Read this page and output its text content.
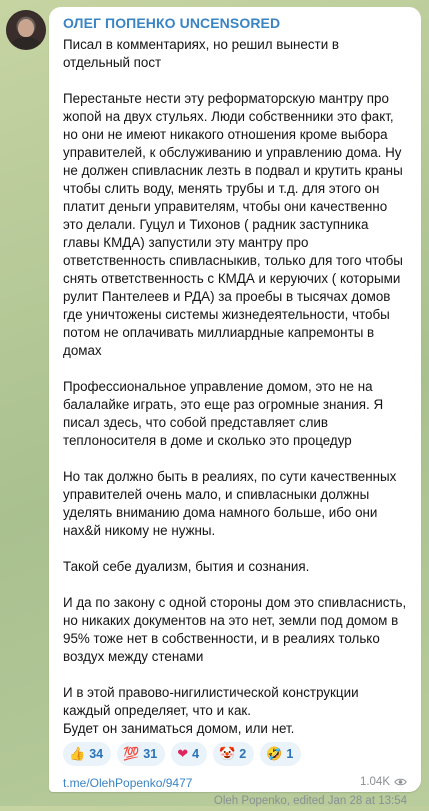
ОЛЕГ ПОПЕНКО UNCENSORED

Писал в комментариях, но решил вынести в отдельный пост

Перестаньте нести эту реформаторскую мантру про жопой на двух стульях. Люди собственники это факт, но они не имеют никакого отношения кроме выбора управителей, к обслуживанию и управлению дома. Ну не должен спивласник лезть в подвал и крутить краны чтобы слить воду, менять трубы и т.д. для этого он платит деньги управителям, чтобы они качественно это делали. Гуцул и Тихонов ( радник заступника главы КМДА) запустили эту мантру про ответственность спивласныкив, только для того чтобы снять ответственность с КМДА и керуючих ( которыми рулит Пантелеев и РДА) за проебы в тысячах домов где уничтожены системы жизнедеятельности, чтобы потом не оплачивать миллиардные капремонты в домах

Профессиональное управление домом, это не на балалайке играть, это еще раз огромные знания. Я писал здесь, что собой представляет слив теплоносителя в доме и сколько это процедур

Но так должно быть в реалиях, по сути качественных управителей очень мало, и спивласныки должны уделять вниманию дома намного больше, ибо они нах&й никому не нужны.

Такой себе дуализм, бытия и сознания.

И да по закону с одной стороны дом это спивласнисть, но никаких документов на это нет, земли под домом в 95% тоже нет в собственности, и в реалиях только воздух между стенами

И в этой правово-нигилистической конструкции каждый определяет, что и как.

Будет он заниматься домом, или нет.

👍 34 💯 31 ❤ 4 🤡 2 🤣 1
t.me/OlehPopenko/9477	1.04K
Oleh Popenko, edited Jan 28 at 13:54
